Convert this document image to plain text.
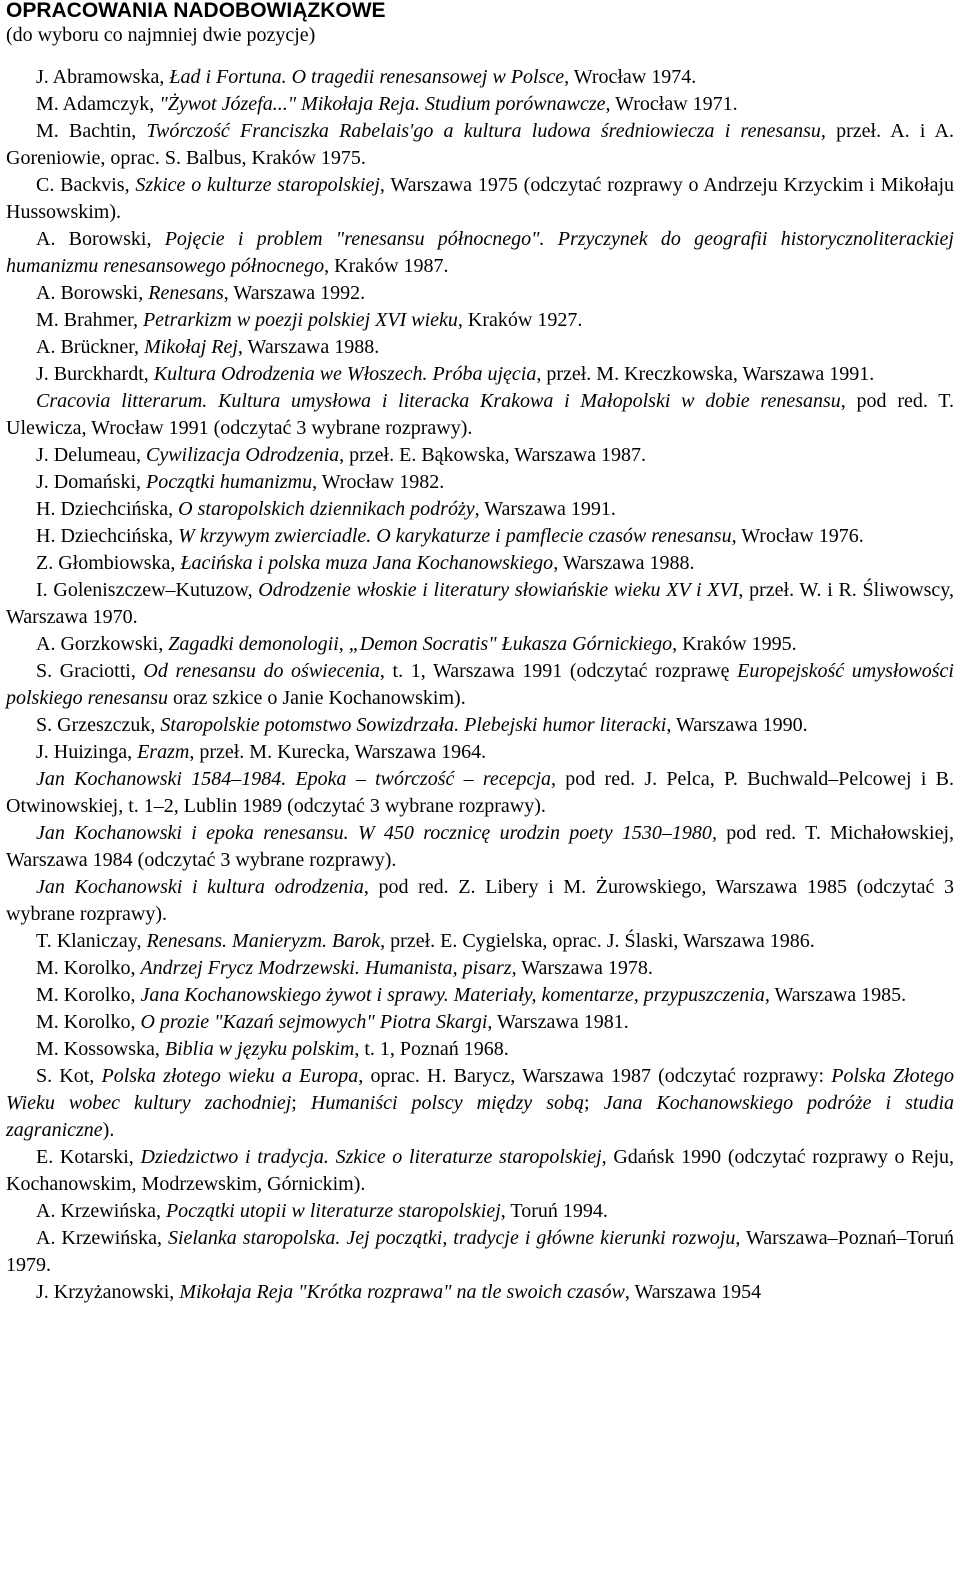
OPRACOWANIA NADOBOWIĄZKOWE

(do wyboru co najmniej dwie pozycje)

J. Abramowska, Ład i Fortuna. O tragedii renesansowej w Polsce, Wrocław 1974.

M. Adamczyk, "Żywot Józefa..." Mikołaja Reja. Studium porównawcze, Wrocław 1971.

M. Bachtin, Twórczość Franciszka Rabelais'go a kultura ludowa średniowiecza i renesansu, przeł. A. i A. Goreniowie, oprac. S. Balbus, Kraków 1975.

C. Backvis, Szkice o kulturze staropolskiej, Warszawa 1975 (odczytać rozprawy o Andrzeju Krzyckim i Mikołaju Hussowskim).

A. Borowski, Pojęcie i problem "renesansu północnego". Przyczynek do geografii historycznoliterackiej humanizmu renesansowego północnego, Kraków 1987.

A. Borowski, Renesans, Warszawa 1992.

M. Brahmer, Petrarkizm w poezji polskiej XVI wieku, Kraków 1927.

A. Brückner, Mikołaj Rej, Warszawa 1988.

J. Burckhardt, Kultura Odrodzenia we Włoszech. Próba ujęcia, przeł. M. Kreczkowska, Warszawa 1991.

Cracovia litterarum. Kultura umysłowa i literacka Krakowa i Małopolski w dobie renesansu, pod red. T. Ulewicza, Wrocław 1991 (odczytać 3 wybrane rozprawy).

J. Delumeau, Cywilizacja Odrodzenia, przeł. E. Bąkowska, Warszawa 1987.

J. Domański, Początki humanizmu, Wrocław 1982.

H. Dziechcińska, O staropolskich dziennikach podróży, Warszawa 1991.

H. Dziechcińska, W krzywym zwierciadle. O karykaturze i pamflecie czasów renesansu, Wrocław 1976.

Z. Głombiowska, Łacińska i polska muza Jana Kochanowskiego, Warszawa 1988.

I. Goleniszczew–Kutuzow, Odrodzenie włoskie i literatury słowiańskie wieku XV i XVI, przeł. W. i R. Śliwowscy, Warszawa 1970.

A. Gorzkowski, Zagadki demonologii, „Demon Socratis" Łukasza Górnickiego, Kraków 1995.

S. Graciotti, Od renesansu do oświecenia, t. 1, Warszawa 1991 (odczytać rozprawę Europejskość umysłowości polskiego renesansu oraz szkice o Janie Kochanowskim).

S. Grzeszczuk, Staropolskie potomstwo Sowizdrzała. Plebejski humor literacki, Warszawa 1990.

J. Huizinga, Erazm, przeł. M. Kurecka, Warszawa 1964.

Jan Kochanowski 1584–1984. Epoka – twórczość – recepcja, pod red. J. Pelca, P. Buchwald–Pelcowej i B. Otwinowskiej, t. 1–2, Lublin 1989 (odczytać 3 wybrane rozprawy).

Jan Kochanowski i epoka renesansu. W 450 rocznicę urodzin poety 1530–1980, pod red. T. Michałowskiej, Warszawa 1984 (odczytać 3 wybrane rozprawy).

Jan Kochanowski i kultura odrodzenia, pod red. Z. Libery i M. Żurowskiego, Warszawa 1985 (odczytać 3 wybrane rozprawy).

T. Klaniczay, Renesans. Manieryzm. Barok, przeł. E. Cygielska, oprac. J. Ślaski, Warszawa 1986.

M. Korolko, Andrzej Frycz Modrzewski. Humanista, pisarz, Warszawa 1978.

M. Korolko, Jana Kochanowskiego żywot i sprawy. Materiały, komentarze, przypuszczenia, Warszawa 1985.

M. Korolko, O prozie "Kazań sejmowych" Piotra Skargi, Warszawa 1981.

M. Kossowska, Biblia w języku polskim, t. 1, Poznań 1968.

S. Kot, Polska złotego wieku a Europa, oprac. H. Barycz, Warszawa 1987 (odczytać rozprawy: Polska Złotego Wieku wobec kultury zachodniej; Humaniści polscy między sobą; Jana Kochanowskiego podróże i studia zagraniczne).

E. Kotarski, Dziedzictwo i tradycja. Szkice o literaturze staropolskiej, Gdańsk 1990 (odczytać rozprawy o Reju, Kochanowskim, Modrzewskim, Górnickim).

A. Krzewińska, Początki utopii w literaturze staropolskiej, Toruń 1994.

A. Krzewińska, Sielanka staropolska. Jej początki, tradycje i główne kierunki rozwoju, Warszawa–Poznań–Toruń 1979.

J. Krzyżanowski, Mikołaja Reja "Krótka rozprawa" na tle swoich czasów, Warszawa 1954
